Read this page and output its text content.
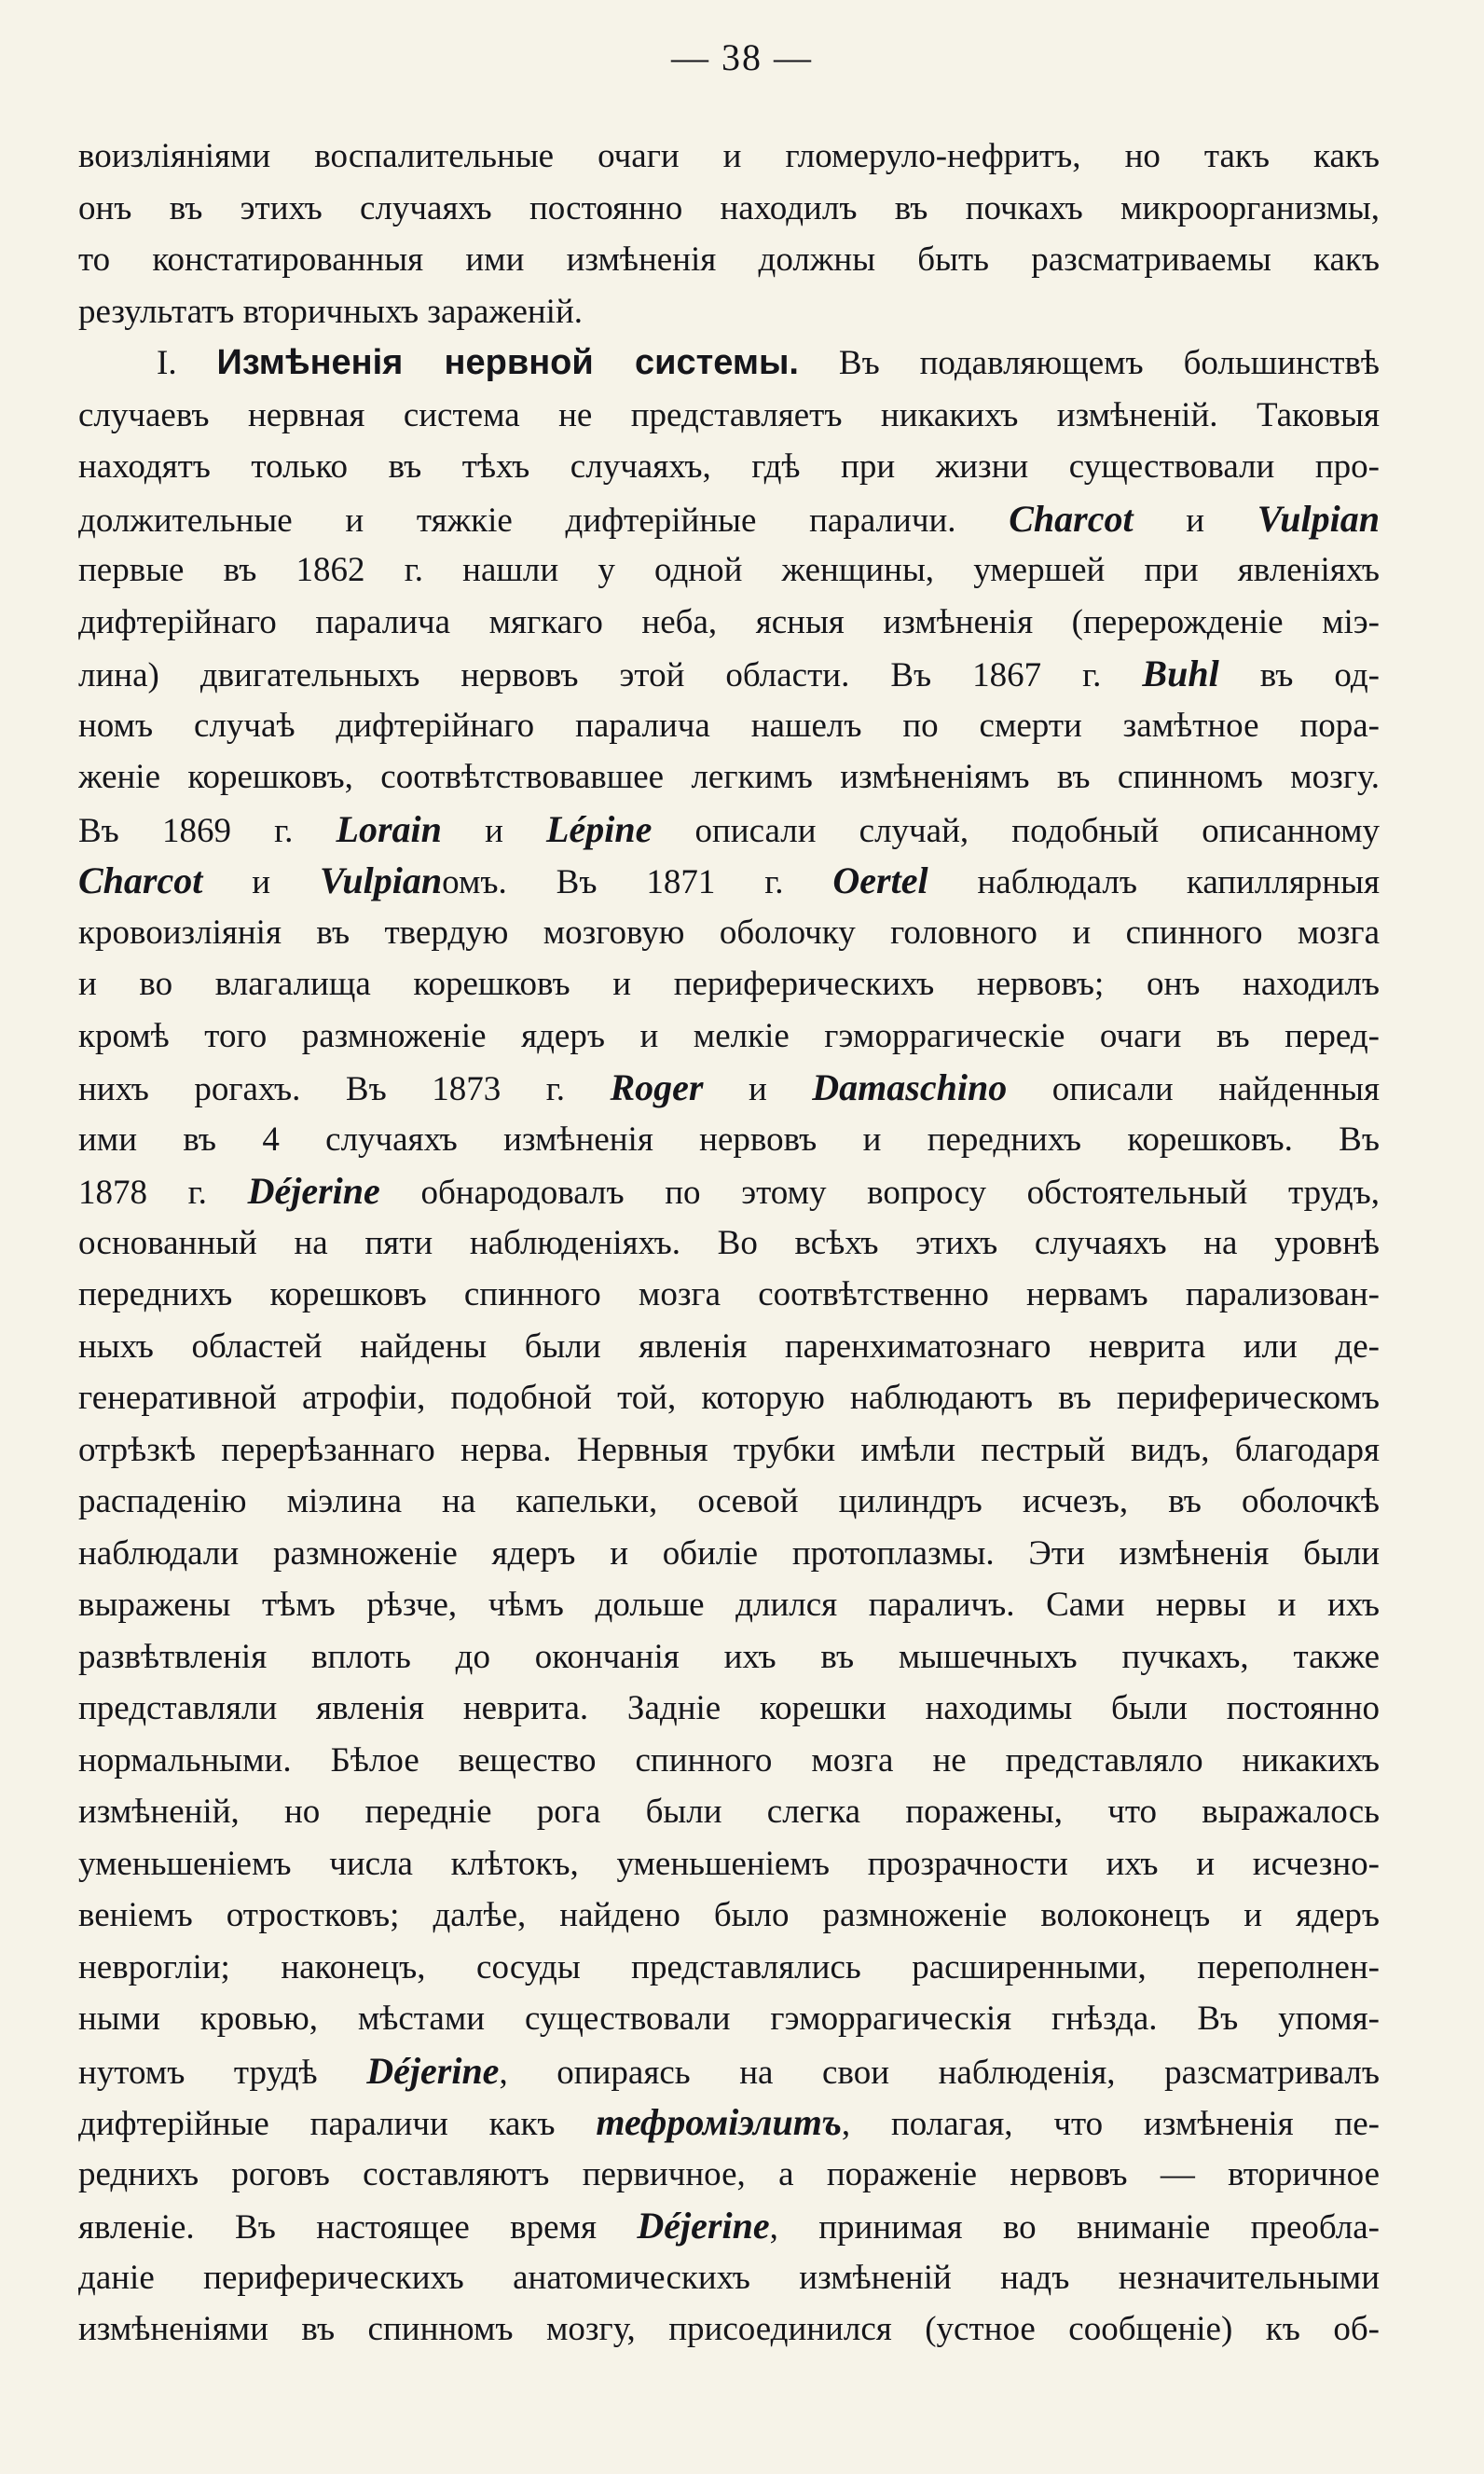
— 38 —
воизліяніями воспалительные очаги и гломеруло-нефритъ, но такъ какъ
онъ въ этихъ случаяхъ постоянно находилъ въ почкахъ микроорганизмы,
то констатированныя ими измѣненія должны быть разсматриваемы какъ
результатъ вторичныхъ зараженій.
I. Измѣненія нервной системы. Въ подавляющемъ большинствѣ
случаевъ нервная система не представляетъ никакихъ измѣненій. Таковыя
находятъ только въ тѣхъ случаяхъ, гдѣ при жизни существовали про-
должительные и тяжкіе дифтерійные параличи. Charcot и Vulpian
первые въ 1862 г. нашли у одной женщины, умершей при явленіяхъ
дифтерійнаго паралича мягкаго неба, ясныя измѣненія (перерожденіе міэ-
лина) двигательныхъ нервовъ этой области. Въ 1867 г. Buhl въ од-
номъ случаѣ дифтерійнаго паралича нашелъ по смерти замѣтное пора-
женіе корешковъ, соотвѣтствовавшее легкимъ измѣненіямъ въ спинномъ мозгу.
Въ 1869 г. Lorain и Lépine описали случай, подобный описанному
Charcot и Vulpianомъ. Въ 1871 г. Oertel наблюдалъ капиллярныя
кровоизліянія въ твердую мозговую оболочку головного и спинного мозга
и во влагалища корешковъ и периферическихъ нервовъ; онъ находилъ
кромѣ того размноженіе ядеръ и мелкіе гэморрагическіе очаги въ перед-
нихъ рогахъ. Въ 1873 г. Roger и Damaschino описали найденныя
ими въ 4 случаяхъ измѣненія нервовъ и переднихъ корешковъ. Въ
1878 г. Déjerine обнародовалъ по этому вопросу обстоятельный трудъ,
основанный на пяти наблюденіяхъ. Во всѣхъ этихъ случаяхъ на уровнѣ
переднихъ корешковъ спинного мозга соотвѣтственно нервамъ парализован-
ныхъ областей найдены были явленія паренхиматознаго неврита или де-
генеративной атрофіи, подобной той, которую наблюдаютъ въ периферическомъ
отрѣзкѣ перерѣзаннаго нерва. Нервныя трубки имѣли пестрый видъ, благодаря
распаденію міэлина на капельки, осевой цилиндръ исчезъ, въ оболочкѣ
наблюдали размноженіе ядеръ и обиліе протоплазмы. Эти измѣненія были
выражены тѣмъ рѣзче, чѣмъ дольше длился параличъ. Сами нервы и ихъ
развѣтвленія вплоть до окончанія ихъ въ мышечныхъ пучкахъ, также
представляли явленія неврита. Задніе корешки находимы были постоянно
нормальными. Бѣлое вещество спинного мозга не представляло никакихъ
измѣненій, но передніе рога были слегка поражены, что выражалось
уменьшеніемъ числа клѣтокъ, уменьшеніемъ прозрачности ихъ и исчезно-
веніемъ отростковъ; далѣе, найдено было размноженіе волоконецъ и ядеръ
невроглiи; наконецъ, сосуды представлялись расширенными, переполнен-
ными кровью, мѣстами существовали гэморрагическія гнѣзда. Въ упомя-
нутомъ трудѣ Déjerine, опираясь на свои наблюденія, разсматривалъ
дифтерійные параличи какъ тефроміэлитъ, полагая, что измѣненія пе-
реднихъ роговъ составляютъ первичное, а пораженіе нервовъ — вторичное
явленіе. Въ настоящее время Déjerine, принимая во вниманіе преобла-
даніе периферическихъ анатомическихъ измѣненій надъ незначительными
измѣненіями въ спинномъ мозгу, присоединился (устное сообщеніе) къ об-
